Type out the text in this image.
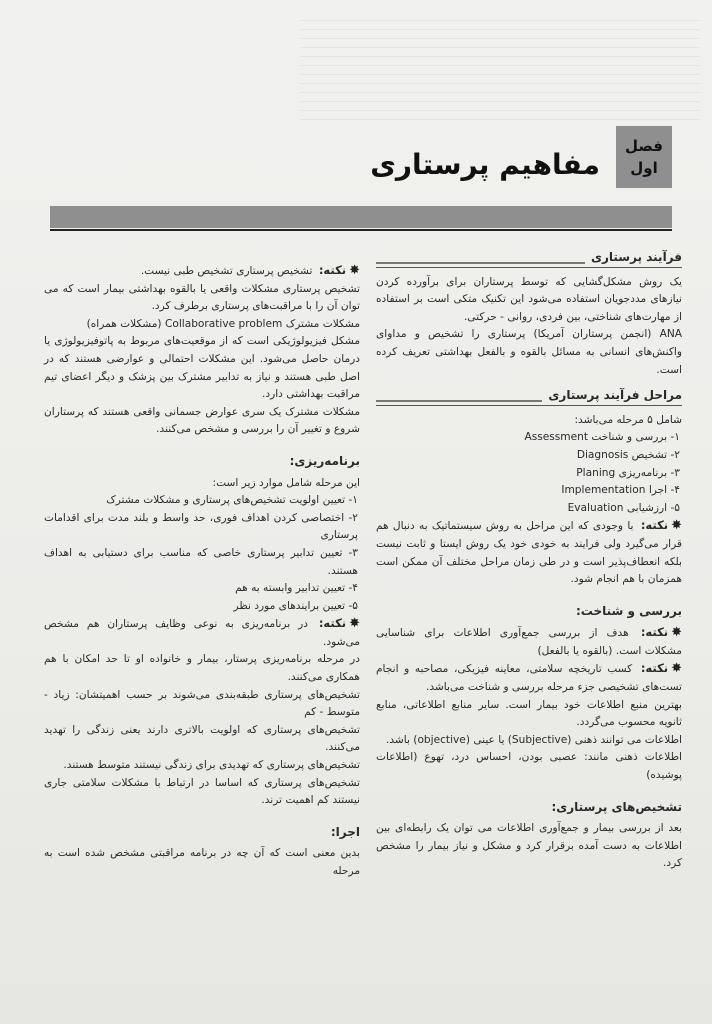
فصل
اول
مفاهیم پرستاری
فرآیند پرستاری

یک روش مشکل‌گشایی که توسط پرستاران برای برآورده کردن نیازهای مددجویان استفاده می‌شود این تکنیک متکی است بر استفاده از مهارت‌های شناختی، بین فردی، روانی - حرکتی.

ANA (انجمن پرستاران آمریکا) پرستاری را تشخیص و مداوای واکنش‌های انسانی به مسائل بالقوه و بالفعل بهداشتی تعریف کرده است.

مراحل فرآیند پرستاری

شامل ۵ مرحله می‌باشد:

۱- بررسی و شناخت Assessment

۲- تشخیص Diagnosis

۳- برنامه‌ریزی Planing

۴- اجرا Implementation

۵- ارزشیابی Evaluation

✸نکته: با وجودی که این مراحل به روش سیستماتیک به دنبال هم قرار می‌گیرد ولی فرایند به خودی خود یک روش ایستا و ثابت نیست بلکه انعطاف‌پذیر است و در طی زمان مراحل مختلف آن ممکن است همزمان با هم انجام شود.

بررسی و شناخت:

✸نکته: هدف از بررسی جمع‌آوری اطلاعات برای شناسایی مشکلات است. (بالقوه یا بالفعل)

✸نکته: کسب تاریخچه سلامتی، معاینه فیزیکی، مصاحبه و انجام تست‌های تشخیصی جزء مرحله بررسی و شناخت می‌باشد.

بهترین منبع اطلاعات خود بیمار است. سایر منابع اطلاعاتی، منابع ثانویه محسوب می‌گردد.

اطلاعات می توانند ذهنی (Subjective) یا عینی (objective) باشد.

اطلاعات ذهنی مانند: عصبی بودن، احساس درد، تهوع (اطلاعات پوشیده)

تشخیص‌های پرستاری:

بعد از بررسی بیمار و جمع‌آوری اطلاعات می توان یک رابطه‌ای بین اطلاعات به دست آمده برقرار کرد و مشکل و نیاز بیمار را مشخص کرد.

✸نکته: تشخیص پرستاری تشخیص طبی نیست.

تشخیص پرستاری مشکلات واقعی یا بالقوه بهداشتی بیمار است که می توان آن را با مراقبت‌های پرستاری برطرف کرد.

مشکلات مشترک Collaborative problem (مشکلات همراه)

مشکل فیزیولوژیکی است که از موقعیت‌های مربوط به پاتوفیزیولوژی یا درمان حاصل می‌شود. این مشکلات احتمالی و عوارضی هستند که در اصل طبی هستند و نیاز به تدابیر مشترک بین پزشک و دیگر اعضای تیم مراقبت بهداشتی دارد.

مشکلات مشترک یک سری عوارض جسمانی واقعی هستند که پرستاران شروع و تغییر آن را بررسی و مشخص می‌کنند.

برنامه‌ریزی:

این مرحله شامل موارد زیر است:

۱- تعیین اولویت تشخیص‌های پرستاری و مشکلات مشترک

۲- اختصاصی کردن اهداف فوری، حد واسط و بلند مدت برای اقدامات پرستاری

۳- تعیین تدابیر پرستاری خاصی که مناسب برای دستیابی به اهداف هستند.

۴- تعیین تدابیر وابسته به هم

۵- تعیین برایندهای مورد نظر

✸نکته: در برنامه‌ریزی به نوعی وظایف پرستاران هم مشخص می‌شود.

در مرحله برنامه‌ریزی پرستار، بیمار و خانواده او تا حد امکان با هم همکاری می‌کنند.

تشخیص‌های پرستاری طبقه‌بندی می‌شوند بر حسب اهمیتشان: زیاد - متوسط - کم

تشخیص‌های پرستاری که اولویت بالاتری دارند یعنی زندگی را تهدید می‌کنند.

تشخیص‌های پرستاری که تهدیدی برای زندگی نیستند متوسط هستند.

تشخیص‌های پرستاری که اساسا در ارتباط با مشکلات سلامتی جاری نیستند کم اهمیت ترند.

اجرا:

بدین معنی است که آن چه در برنامه مراقبتی مشخص شده است به مرحله
